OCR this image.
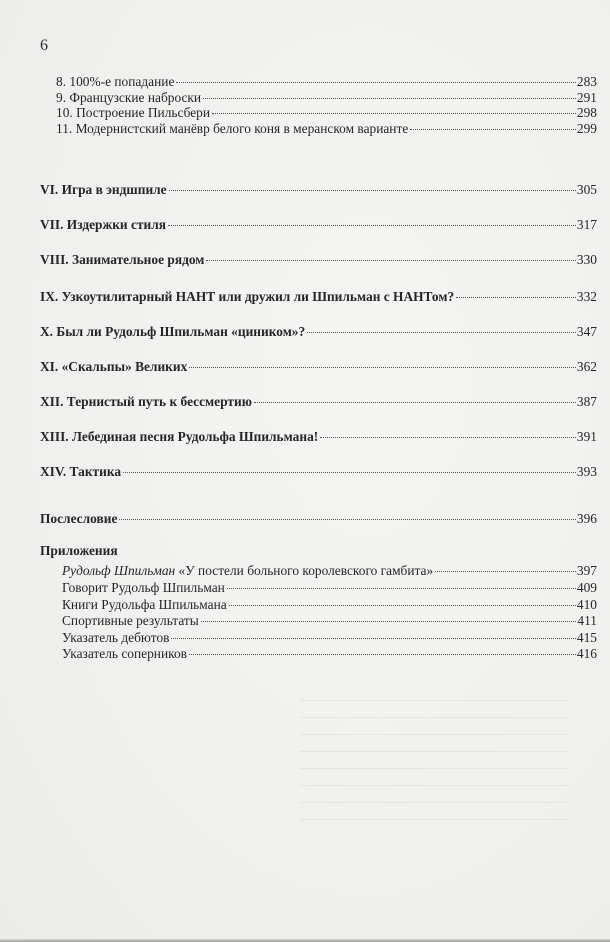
6
8. 100%-е попадание	283
9. Французские наброски	291
10. Построение Пильсбери	298
11. Модернистский манёвр белого коня в меранском варианте	299
VI. Игра в эндшпиле	305
VII. Издержки стиля	317
VIII. Занимательное рядом	330
IX. Узкоутилитарный НАНТ или дружил ли Шпильман с НАНТом?	332
X. Был ли Рудольф Шпильман «циником»?	347
XI. «Скальпы» Великих	362
XII. Тернистый путь к бессмертию	387
XIII. Лебединая песня Рудольфа Шпильмана!	391
XIV. Тактика	393
Послесловие	396
Приложения
Рудольф Шпильман «У постели больного королевского гамбита»	397
Говорит Рудольф Шпильман	409
Книги Рудольфа Шпильмана	410
Спортивные результаты	411
Указатель дебютов	415
Указатель соперников	416
